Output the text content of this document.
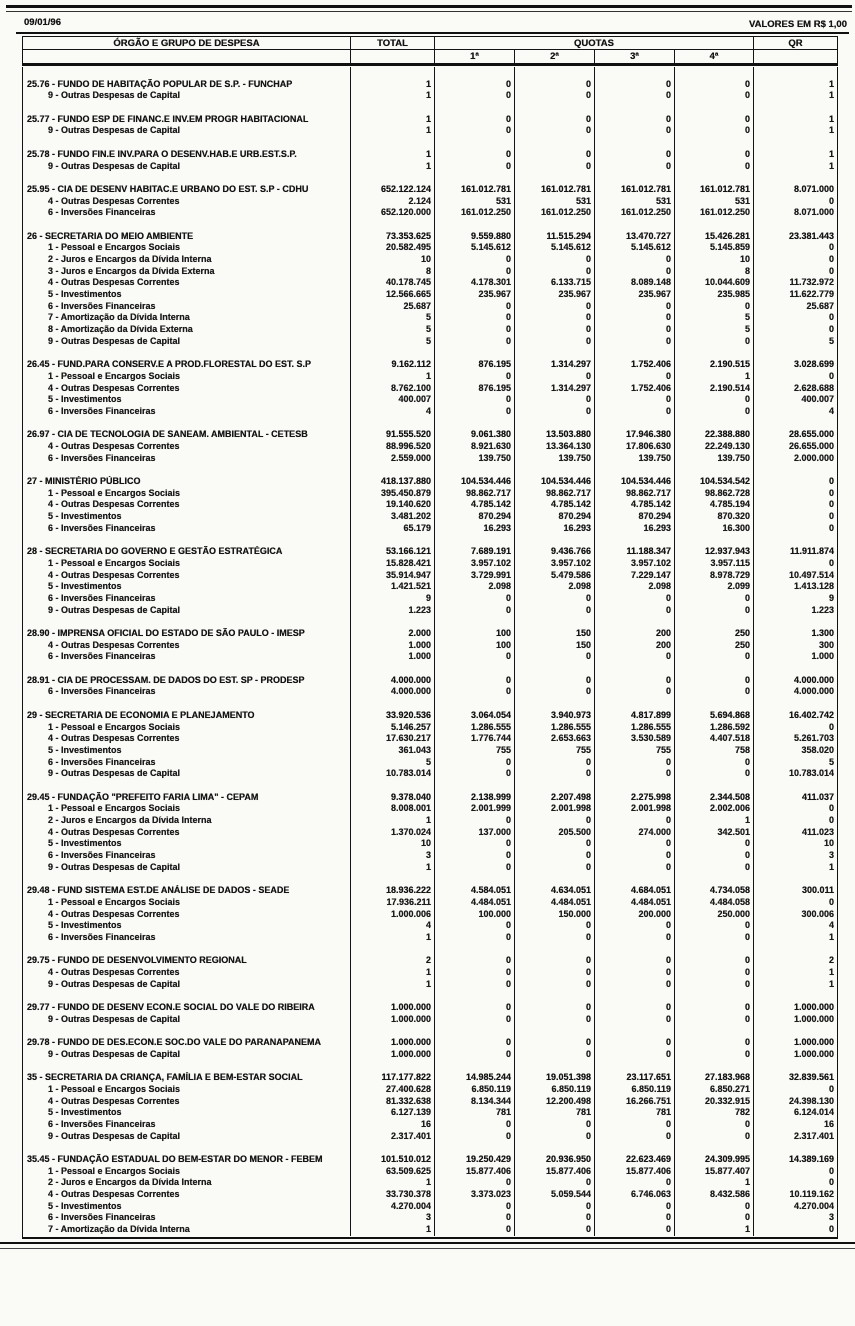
09/01/96	VALORES EM R$ 1,00
ÓRGÃO E GRUPO DE DESPESA	TOTAL	QUOTAS	QR
1ª	2ª	3ª	4ª
25.76 - FUNDO DE HABITAÇÃO POPULAR DE S.P. - FUNCHAP	1	0	0	0	0	1
9 - Outras Despesas de Capital	1	0	0	0	0	1
25.77 - FUNDO ESP DE FINANC.E INV.EM PROGR HABITACIONAL	1	0	0	0	0	1
9 - Outras Despesas de Capital	1	0	0	0	0	1
25.78 - FUNDO FIN.E INV.PARA O DESENV.HAB.E URB.EST.S.P.	1	0	0	0	0	1
9 - Outras Despesas de Capital	1	0	0	0	0	1
25.95 - CIA DE DESENV HABITAC.E URBANO DO EST. S.P - CDHU	652.122.124	161.012.781	161.012.781	161.012.781	161.012.781	8.071.000
4 - Outras Despesas Correntes	2.124	531	531	531	531	0
6 - Inversões Financeiras	652.120.000	161.012.250	161.012.250	161.012.250	161.012.250	8.071.000
26 - SECRETARIA DO MEIO AMBIENTE	73.353.625	9.559.880	11.515.294	13.470.727	15.426.281	23.381.443
1 - Pessoal e Encargos Sociais	20.582.495	5.145.612	5.145.612	5.145.612	5.145.859	0
2 - Juros e Encargos da Dívida Interna	10	0	0	0	10	0
3 - Juros e Encargos da Dívida Externa	8	0	0	0	8	0
4 - Outras Despesas Correntes	40.178.745	4.178.301	6.133.715	8.089.148	10.044.609	11.732.972
5 - Investimentos	12.566.665	235.967	235.967	235.967	235.985	11.622.779
6 - Inversões Financeiras	25.687	0	0	0	0	25.687
7 - Amortização da Dívida Interna	5	0	0	0	5	0
8 - Amortização da Dívida Externa	5	0	0	0	5	0
9 - Outras Despesas de Capital	5	0	0	0	0	5
26.45 - FUND.PARA CONSERV.E A PROD.FLORESTAL DO EST. S.P	9.162.112	876.195	1.314.297	1.752.406	2.190.515	3.028.699
1 - Pessoal e Encargos Sociais	1	0	0	0	1	0
4 - Outras Despesas Correntes	8.762.100	876.195	1.314.297	1.752.406	2.190.514	2.628.688
5 - Investimentos	400.007	0	0	0	0	400.007
6 - Inversões Financeiras	4	0	0	0	0	4
26.97 - CIA DE TECNOLOGIA DE SANEAM. AMBIENTAL - CETESB	91.555.520	9.061.380	13.503.880	17.946.380	22.388.880	28.655.000
4 - Outras Despesas Correntes	88.996.520	8.921.630	13.364.130	17.806.630	22.249.130	26.655.000
6 - Inversões Financeiras	2.559.000	139.750	139.750	139.750	139.750	2.000.000
27 - MINISTÉRIO PÚBLICO	418.137.880	104.534.446	104.534.446	104.534.446	104.534.542	0
1 - Pessoal e Encargos Sociais	395.450.879	98.862.717	98.862.717	98.862.717	98.862.728	0
4 - Outras Despesas Correntes	19.140.620	4.785.142	4.785.142	4.785.142	4.785.194	0
5 - Investimentos	3.481.202	870.294	870.294	870.294	870.320	0
6 - Inversões Financeiras	65.179	16.293	16.293	16.293	16.300	0
28 - SECRETARIA DO GOVERNO E GESTÃO ESTRATÉGICA	53.166.121	7.689.191	9.436.766	11.188.347	12.937.943	11.911.874
1 - Pessoal e Encargos Sociais	15.828.421	3.957.102	3.957.102	3.957.102	3.957.115	0
4 - Outras Despesas Correntes	35.914.947	3.729.991	5.479.586	7.229.147	8.978.729	10.497.514
5 - Investimentos	1.421.521	2.098	2.098	2.098	2.099	1.413.128
6 - Inversões Financeiras	9	0	0	0	0	9
9 - Outras Despesas de Capital	1.223	0	0	0	0	1.223
28.90 - IMPRENSA OFICIAL DO ESTADO DE SÃO PAULO - IMESP	2.000	100	150	200	250	1.300
4 - Outras Despesas Correntes	1.000	100	150	200	250	300
6 - Inversões Financeiras	1.000	0	0	0	0	1.000
28.91 - CIA DE PROCESSAM. DE DADOS DO EST. SP - PRODESP	4.000.000	0	0	0	0	4.000.000
6 - Inversões Financeiras	4.000.000	0	0	0	0	4.000.000
29 - SECRETARIA DE ECONOMIA E PLANEJAMENTO	33.920.536	3.064.054	3.940.973	4.817.899	5.694.868	16.402.742
1 - Pessoal e Encargos Sociais	5.146.257	1.286.555	1.286.555	1.286.555	1.286.592	0
4 - Outras Despesas Correntes	17.630.217	1.776.744	2.653.663	3.530.589	4.407.518	5.261.703
5 - Investimentos	361.043	755	755	755	758	358.020
6 - Inversões Financeiras	5	0	0	0	0	5
9 - Outras Despesas de Capital	10.783.014	0	0	0	0	10.783.014
29.45 - FUNDAÇÃO "PREFEITO FARIA LIMA" - CEPAM	9.378.040	2.138.999	2.207.498	2.275.998	2.344.508	411.037
1 - Pessoal e Encargos Sociais	8.008.001	2.001.999	2.001.998	2.001.998	2.002.006	0
2 - Juros e Encargos da Dívida Interna	1	0	0	0	1	0
4 - Outras Despesas Correntes	1.370.024	137.000	205.500	274.000	342.501	411.023
5 - Investimentos	10	0	0	0	0	10
6 - Inversões Financeiras	3	0	0	0	0	3
9 - Outras Despesas de Capital	1	0	0	0	0	1
29.48 - FUND SISTEMA EST.DE ANÁLISE DE DADOS - SEADE	18.936.222	4.584.051	4.634.051	4.684.051	4.734.058	300.011
1 - Pessoal e Encargos Sociais	17.936.211	4.484.051	4.484.051	4.484.051	4.484.058	0
4 - Outras Despesas Correntes	1.000.006	100.000	150.000	200.000	250.000	300.006
5 - Investimentos	4	0	0	0	0	4
6 - Inversões Financeiras	1	0	0	0	0	1
29.75 - FUNDO DE DESENVOLVIMENTO REGIONAL	2	0	0	0	0	2
4 - Outras Despesas Correntes	1	0	0	0	0	1
9 - Outras Despesas de Capital	1	0	0	0	0	1
29.77 - FUNDO DE DESENV ECON.E SOCIAL DO VALE DO RIBEIRA	1.000.000	0	0	0	0	1.000.000
9 - Outras Despesas de Capital	1.000.000	0	0	0	0	1.000.000
29.78 - FUNDO DE DES.ECON.E SOC.DO VALE DO PARANAPANEMA	1.000.000	0	0	0	0	1.000.000
9 - Outras Despesas de Capital	1.000.000	0	0	0	0	1.000.000
35 - SECRETARIA DA CRIANÇA, FAMÍLIA E BEM-ESTAR SOCIAL	117.177.822	14.985.244	19.051.398	23.117.651	27.183.968	32.839.561
1 - Pessoal e Encargos Sociais	27.400.628	6.850.119	6.850.119	6.850.119	6.850.271	0
4 - Outras Despesas Correntes	81.332.638	8.134.344	12.200.498	16.266.751	20.332.915	24.398.130
5 - Investimentos	6.127.139	781	781	781	782	6.124.014
6 - Inversões Financeiras	16	0	0	0	0	16
9 - Outras Despesas de Capital	2.317.401	0	0	0	0	2.317.401
35.45 - FUNDAÇÃO ESTADUAL DO BEM-ESTAR DO MENOR - FEBEM	101.510.012	19.250.429	20.936.950	22.623.469	24.309.995	14.389.169
1 - Pessoal e Encargos Sociais	63.509.625	15.877.406	15.877.406	15.877.406	15.877.407	0
2 - Juros e Encargos da Dívida Interna	1	0	0	0	1	0
4 - Outras Despesas Correntes	33.730.378	3.373.023	5.059.544	6.746.063	8.432.586	10.119.162
5 - Investimentos	4.270.004	0	0	0	0	4.270.004
6 - Inversões Financeiras	3	0	0	0	0	3
7 - Amortização da Dívida Interna	1	0	0	0	1	0
